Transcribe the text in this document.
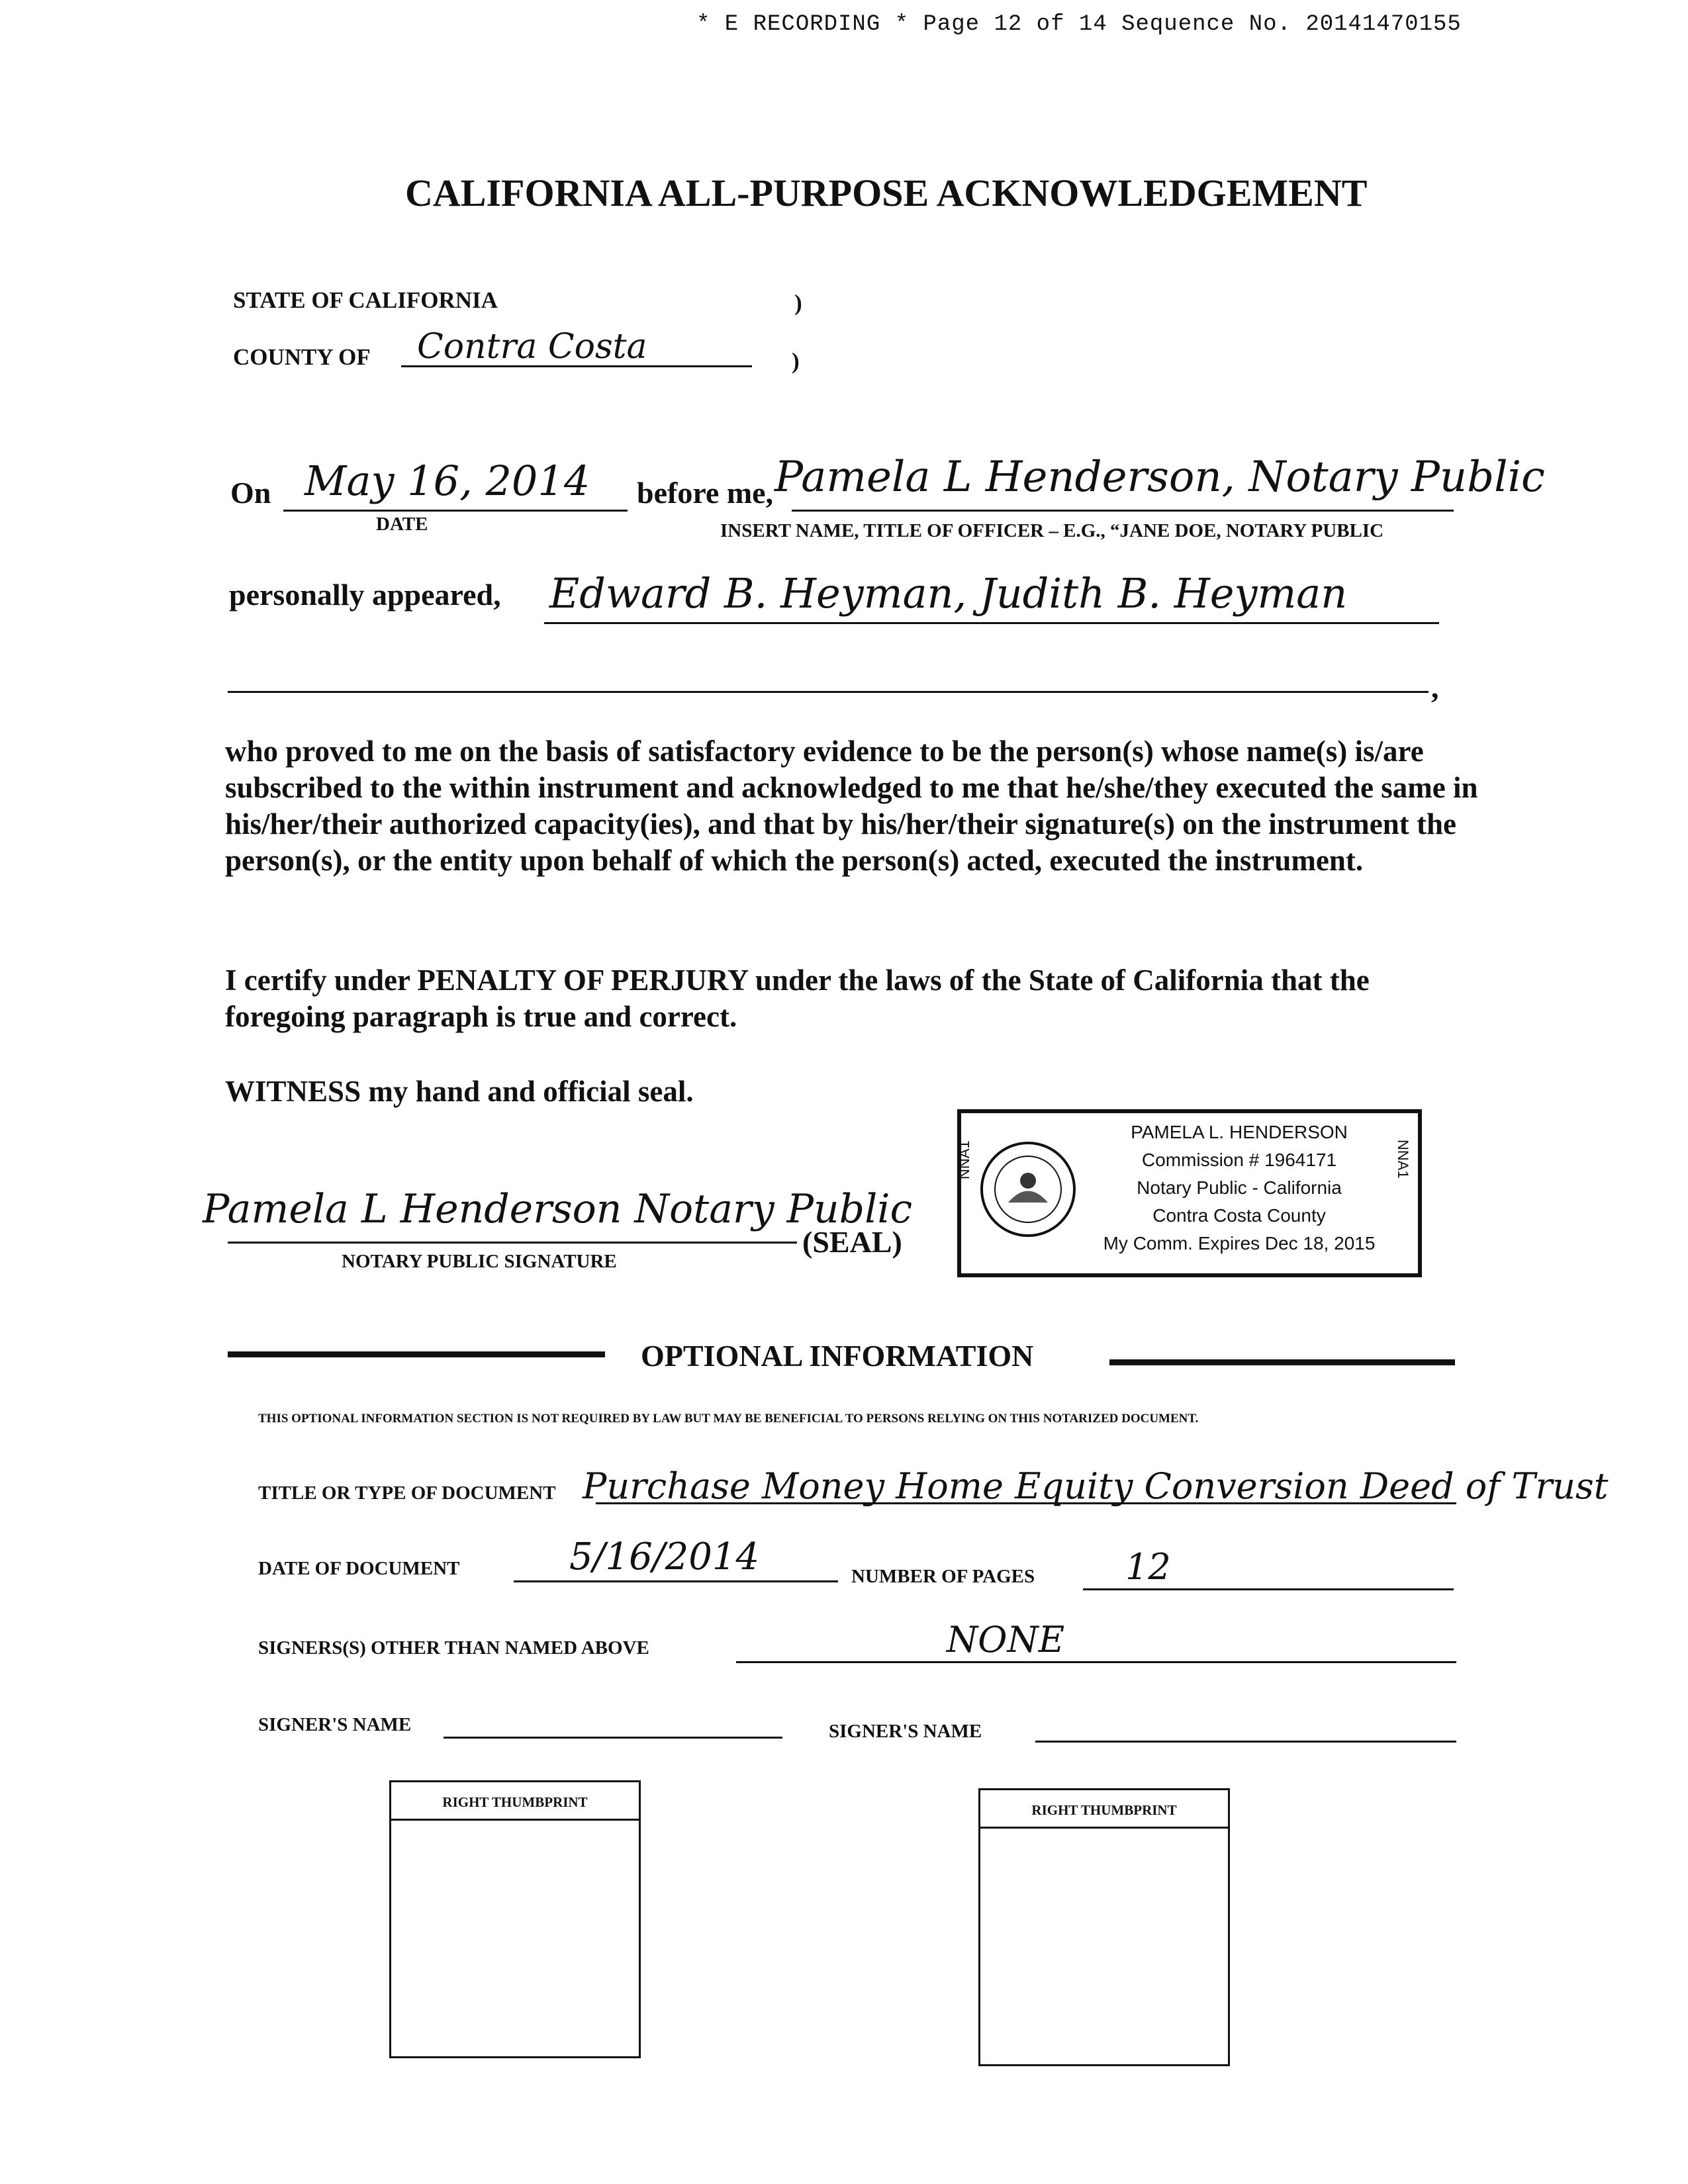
* E RECORDING * Page 12 of 14 Sequence No. 20141470155
CALIFORNIA ALL-PURPOSE ACKNOWLEDGEMENT
STATE OF CALIFORNIA	)
COUNTY OF Contra Costa	)
On May 16, 2014
DATE
before me, Pamela L Henderson, Notary Public
INSERT NAME, TITLE OF OFFICER – E.G., “JANE DOE, NOTARY PUBLIC
personally appeared, Edward B. Heyman, Judith B. Heyman
,
who proved to me on the basis of satisfactory evidence to be the person(s) whose name(s) is/are subscribed to the within instrument and acknowledged to me that he/she/they executed the same in his/her/their authorized capacity(ies), and that by his/her/their signature(s) on the instrument the person(s), or the entity upon behalf of which the person(s) acted, executed the instrument.
I certify under PENALTY OF PERJURY under the laws of the State of California that the foregoing paragraph is true and correct.
WITNESS my hand and official seal.
Pamela L Henderson Notary Public
NOTARY PUBLIC SIGNATURE
(SEAL)
NNA1	NNA1
PAMELA L. HENDERSON
Commission # 1964171
Notary Public - California
Contra Costa County
My Comm. Expires Dec 18, 2015
OPTIONAL INFORMATION
THIS OPTIONAL INFORMATION SECTION IS NOT REQUIRED BY LAW BUT MAY BE BENEFICIAL TO PERSONS RELYING ON THIS NOTARIZED DOCUMENT.
TITLE OR TYPE OF DOCUMENT Purchase Money Home Equity Conversion Deed of Trust
DATE OF DOCUMENT	5/16/2014	NUMBER OF PAGES	12
SIGNERS(S) OTHER THAN NAMED ABOVE	NONE
SIGNER'S NAME	SIGNER'S NAME
RIGHT THUMBPRINT	RIGHT THUMBPRINT
